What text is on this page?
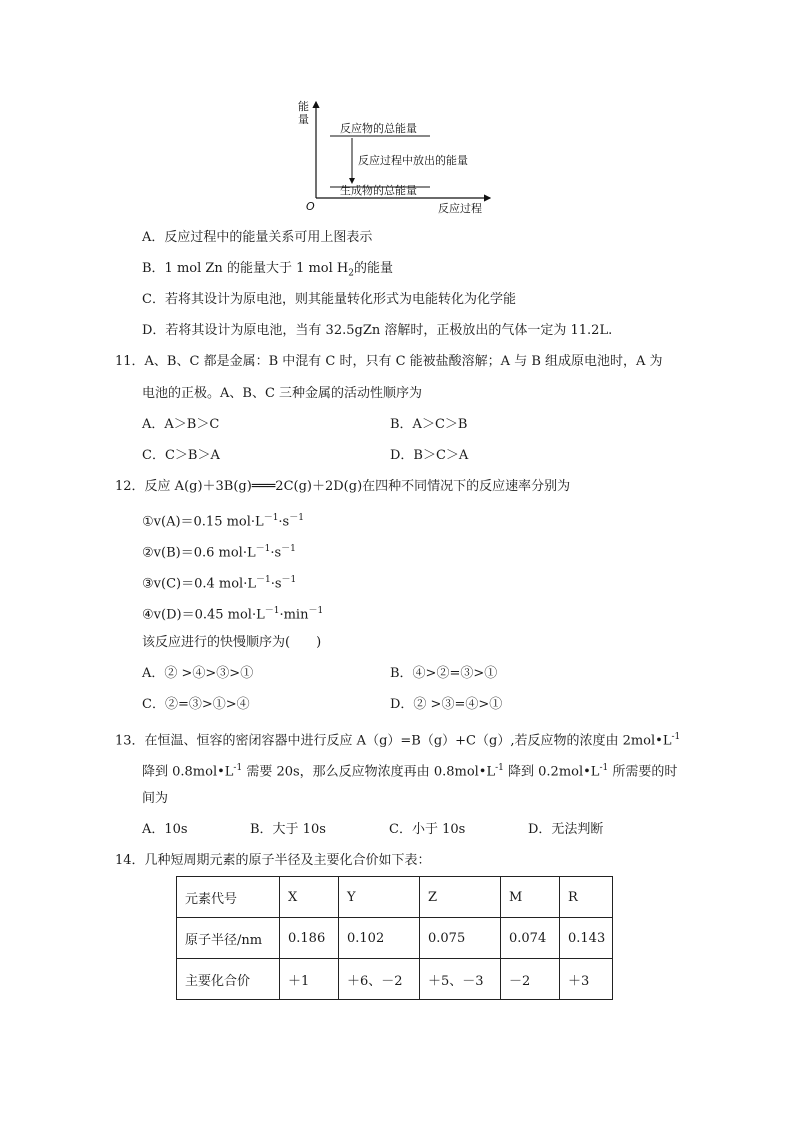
能
量
O	反应过程
反应物的总能量
生成物的总能量
反应过程中放出的能量
A．反应过程中的能量关系可用上图表示
B．1 mol Zn 的能量大于 1 mol $H_2$的能量
C．若将其设计为原电池，则其能量转化形式为电能转化为化学能
D．若将其设计为原电池，当有 32.5gZn 溶解时，正极放出的气体一定为 11.2L.
11．A、B、C 都是金属：B 中混有 C 时，只有 C 能被盐酸溶解；A 与 B 组成原电池时，A 为
电池的正极。A、B、C 三种金属的活动性顺序为
A．A＞B＞C	B．A＞C＞B
C．C＞B＞A	D．B＞C＞A
12．反应 A(g)＋3B(g)═══2C(g)＋2D(g)在四种不同情况下的反应速率分别为
①v(A)＝0.15 $mol\cdot L^{-1}\cdot s^{-1}$
②v(B)＝0.6 $mol\cdot L^{-1}\cdot s^{-1}$
③v(C)＝0.4 $mol\cdot L^{-1}\cdot s^{-1}$
④v(D)＝0.45 $mol\cdot L^{-1}\cdot\min^{-1}$
该反应进行的快慢顺序为(　　)
A．② >④>③>①	B．④>②=③>①
C．②=③>①>④	D．② >③=④>①
13．在恒温、恒容的密闭容器中进行反应 A（g）=B（g）+C（g）,若反应物的浓度由 $2mol•L^{-1}$
降到 $0.8mol•L^{-1}$ 需要 20s，那么反应物浓度再由 $0.8mol•L^{-1}$ 降到 $0.2mol•L^{-1}$ 所需要的时
间为
A．10s	B．大于 10s	C．小于 10s	D．无法判断
14．几种短周期元素的原子半径及主要化合价如下表：
元素代号	X	Y	Z	M	R
原子半径/nm	0.186	0.102	0.075	0.074	0.143
主要化合价	＋1	＋6、－2	＋5、－3	－2	＋3
